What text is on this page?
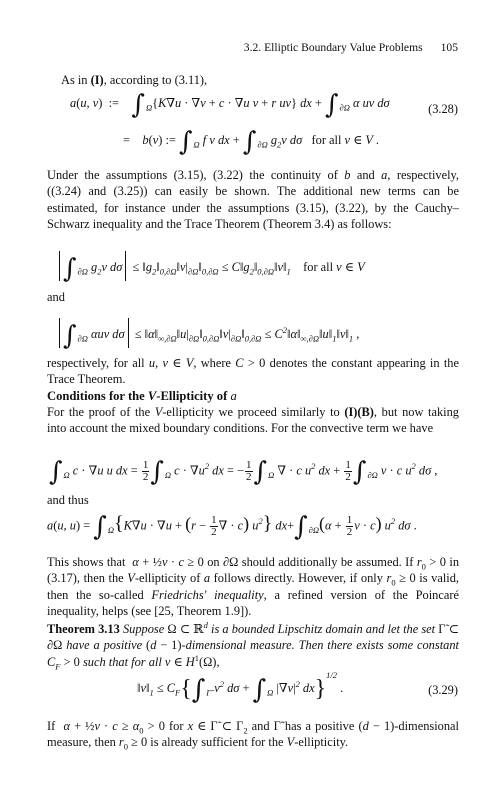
3.2. Elliptic Boundary Value Problems 105
As in (I), according to (3.11),
a(u, v) := $\int_\Omega\{K\nabla u \cdot \nabla v + c \cdot \nabla u$ v + r uv} dx + $\int_{\partial\Omega}$ α uv dσ	(3.28)
=    b(v) := $\int_\Omega$ f v dx + $\int_{\partial\Omega}$ $g_2v$ dσ   for all v ∈ V .

Under the assumptions (3.15), (3.22) the continuity of b and a, respectively, ((3.24) and (3.25)) can easily be shown. The additional new terms can be estimated, for instance under the assumptions (3.15), (3.22), by the Cauchy–Schwarz inequality and the Trace Theorem (Theorem 3.4) as follows:

$\int_{\partial\Omega}$ $g_2v$ $d\sigma \le ‖g_2‖_{0,\partial\Omega}‖v|_{\partial\Omega}‖_{0,\partial\Omega}$ ≤ $C‖g_2‖_{0,\partial\Omega}‖v‖_1$ for all v ∈ V
and
$\int_{\partial\Omega}$ αuv $d\sigma \le ‖\alpha‖_{\infty,\partial\Omega}‖u|_{\partial\Omega}‖_{0,\partial\Omega}‖v|_{\partial\Omega}‖_{0,\partial\Omega}$ ≤ $C^2‖\alpha‖_{\infty,\partial\Omega}‖u‖_1‖v‖_1$ ,

respectively, for all u, v ∈ V, where C > 0 denotes the constant appearing in the Trace Theorem.

Conditions for the V-Ellipticity of a

For the proof of the V-ellipticity we proceed similarly to (I)(B), but now taking into account the mixed boundary conditions. For the convective term we have

$\int_\Omega$ c · ∇u u dx = $\frac{1}{2} \int_\Omega$ $c \cdot \nabla u^2$ dx = − $\frac{1}{2} \int_\Omega$ ∇ · c $u^2$ dx + $\frac{1}{2} \int_{\partial\Omega}$ ν · c $u^2$ dσ ,
and thus
a(u, $u) = \int_\Omega\{K\nabla u \cdot \nabla u + (r - \frac{1}{2}$ ∇ · c) $u^2$} $dx+\int_{\partial\Omega}(\alpha + \frac{1}{2}$ ν · c) $u^2$ dσ .

This shows that  α + ½ν · c ≥ 0 on ∂Ω should additionally be assumed. If $r_0 > 0$ in (3.17), then the V-ellipticity of a follows directly. However, if only $r_0 \ge 0$ is valid, then the so-called Friedrichs' inequality, a refined version of the Poincaré inequality, helps (see [25, Theorem 1.9]).

Theorem 3.13 Suppose Ω ⊂ ℝ$^d$ is a bounded Lipschitz domain and let the set Γ̃ ⊂ ∂Ω have a positive (d − 1)-dimensional measure. Then there exists some constant $C_F > 0$ such that for all v ∈ $H^1(\Omega)$,

$‖v‖_1 \le C_F\{\int_{\Gammã}$ $v^2$ $d\sigma + \int_\Omega$ $|\nabla v|^2$ dx}$^{1/2}$ .	(3.29)

If  α + ½ν · $c \ge \alpha_0 > 0$ for x ∈ Γ̃ ⊂ $\Gamma_2$ and Γ̃ has a positive (d − 1)-dimensional measure, then $r_0 \ge 0$ is already sufficient for the V-ellipticity.
